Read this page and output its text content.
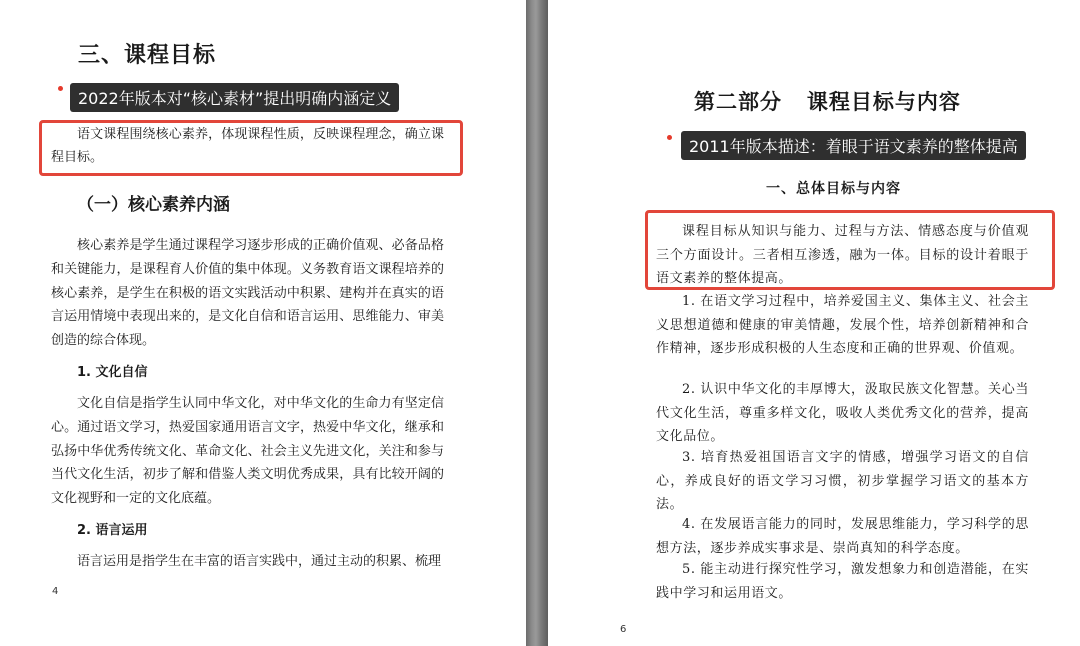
三、课程目标

语文课程围绕核心素养，体现课程性质，反映课程理念，确立课程目标。

（一）核心素养内涵

核心素养是学生通过课程学习逐步形成的正确价值观、必备品格和关键能力，是课程育人价值的集中体现。义务教育语文课程培养的核心素养，是学生在积极的语文实践活动中积累、建构并在真实的语言运用情境中表现出来的，是文化自信和语言运用、思维能力、审美创造的综合体现。

1. 文化自信

文化自信是指学生认同中华文化，对中华文化的生命力有坚定信心。通过语文学习，热爱国家通用语言文字，热爱中华文化，继承和弘扬中华优秀传统文化、革命文化、社会主义先进文化，关注和参与当代文化生活，初步了解和借鉴人类文明优秀成果，具有比较开阔的文化视野和一定的文化底蕴。

2. 语言运用

语言运用是指学生在丰富的语言实践中，通过主动的积累、梳理

4
第二部分   课程目标与内容
一、总体目标与内容

课程目标从知识与能力、过程与方法、情感态度与价值观三个方面设计。三者相互渗透，融为一体。目标的设计着眼于语文素养的整体提高。

1. 在语文学习过程中，培养爱国主义、集体主义、社会主义思想道德和健康的审美情趣，发展个性，培养创新精神和合作精神，逐步形成积极的人生态度和正确的世界观、价值观。

2. 认识中华文化的丰厚博大，汲取民族文化智慧。关心当代文化生活，尊重多样文化，吸收人类优秀文化的营养，提高文化品位。

3. 培育热爱祖国语言文字的情感，增强学习语文的自信心，养成良好的语文学习习惯，初步掌握学习语文的基本方法。

4. 在发展语言能力的同时，发展思维能力，学习科学的思想方法，逐步养成实事求是、崇尚真知的科学态度。

5. 能主动进行探究性学习，激发想象力和创造潜能，在实践中学习和运用语文。

6
2022年版本对“核心素材”提出明确内涵定义
2011年版本描述：着眼于语文素养的整体提高
